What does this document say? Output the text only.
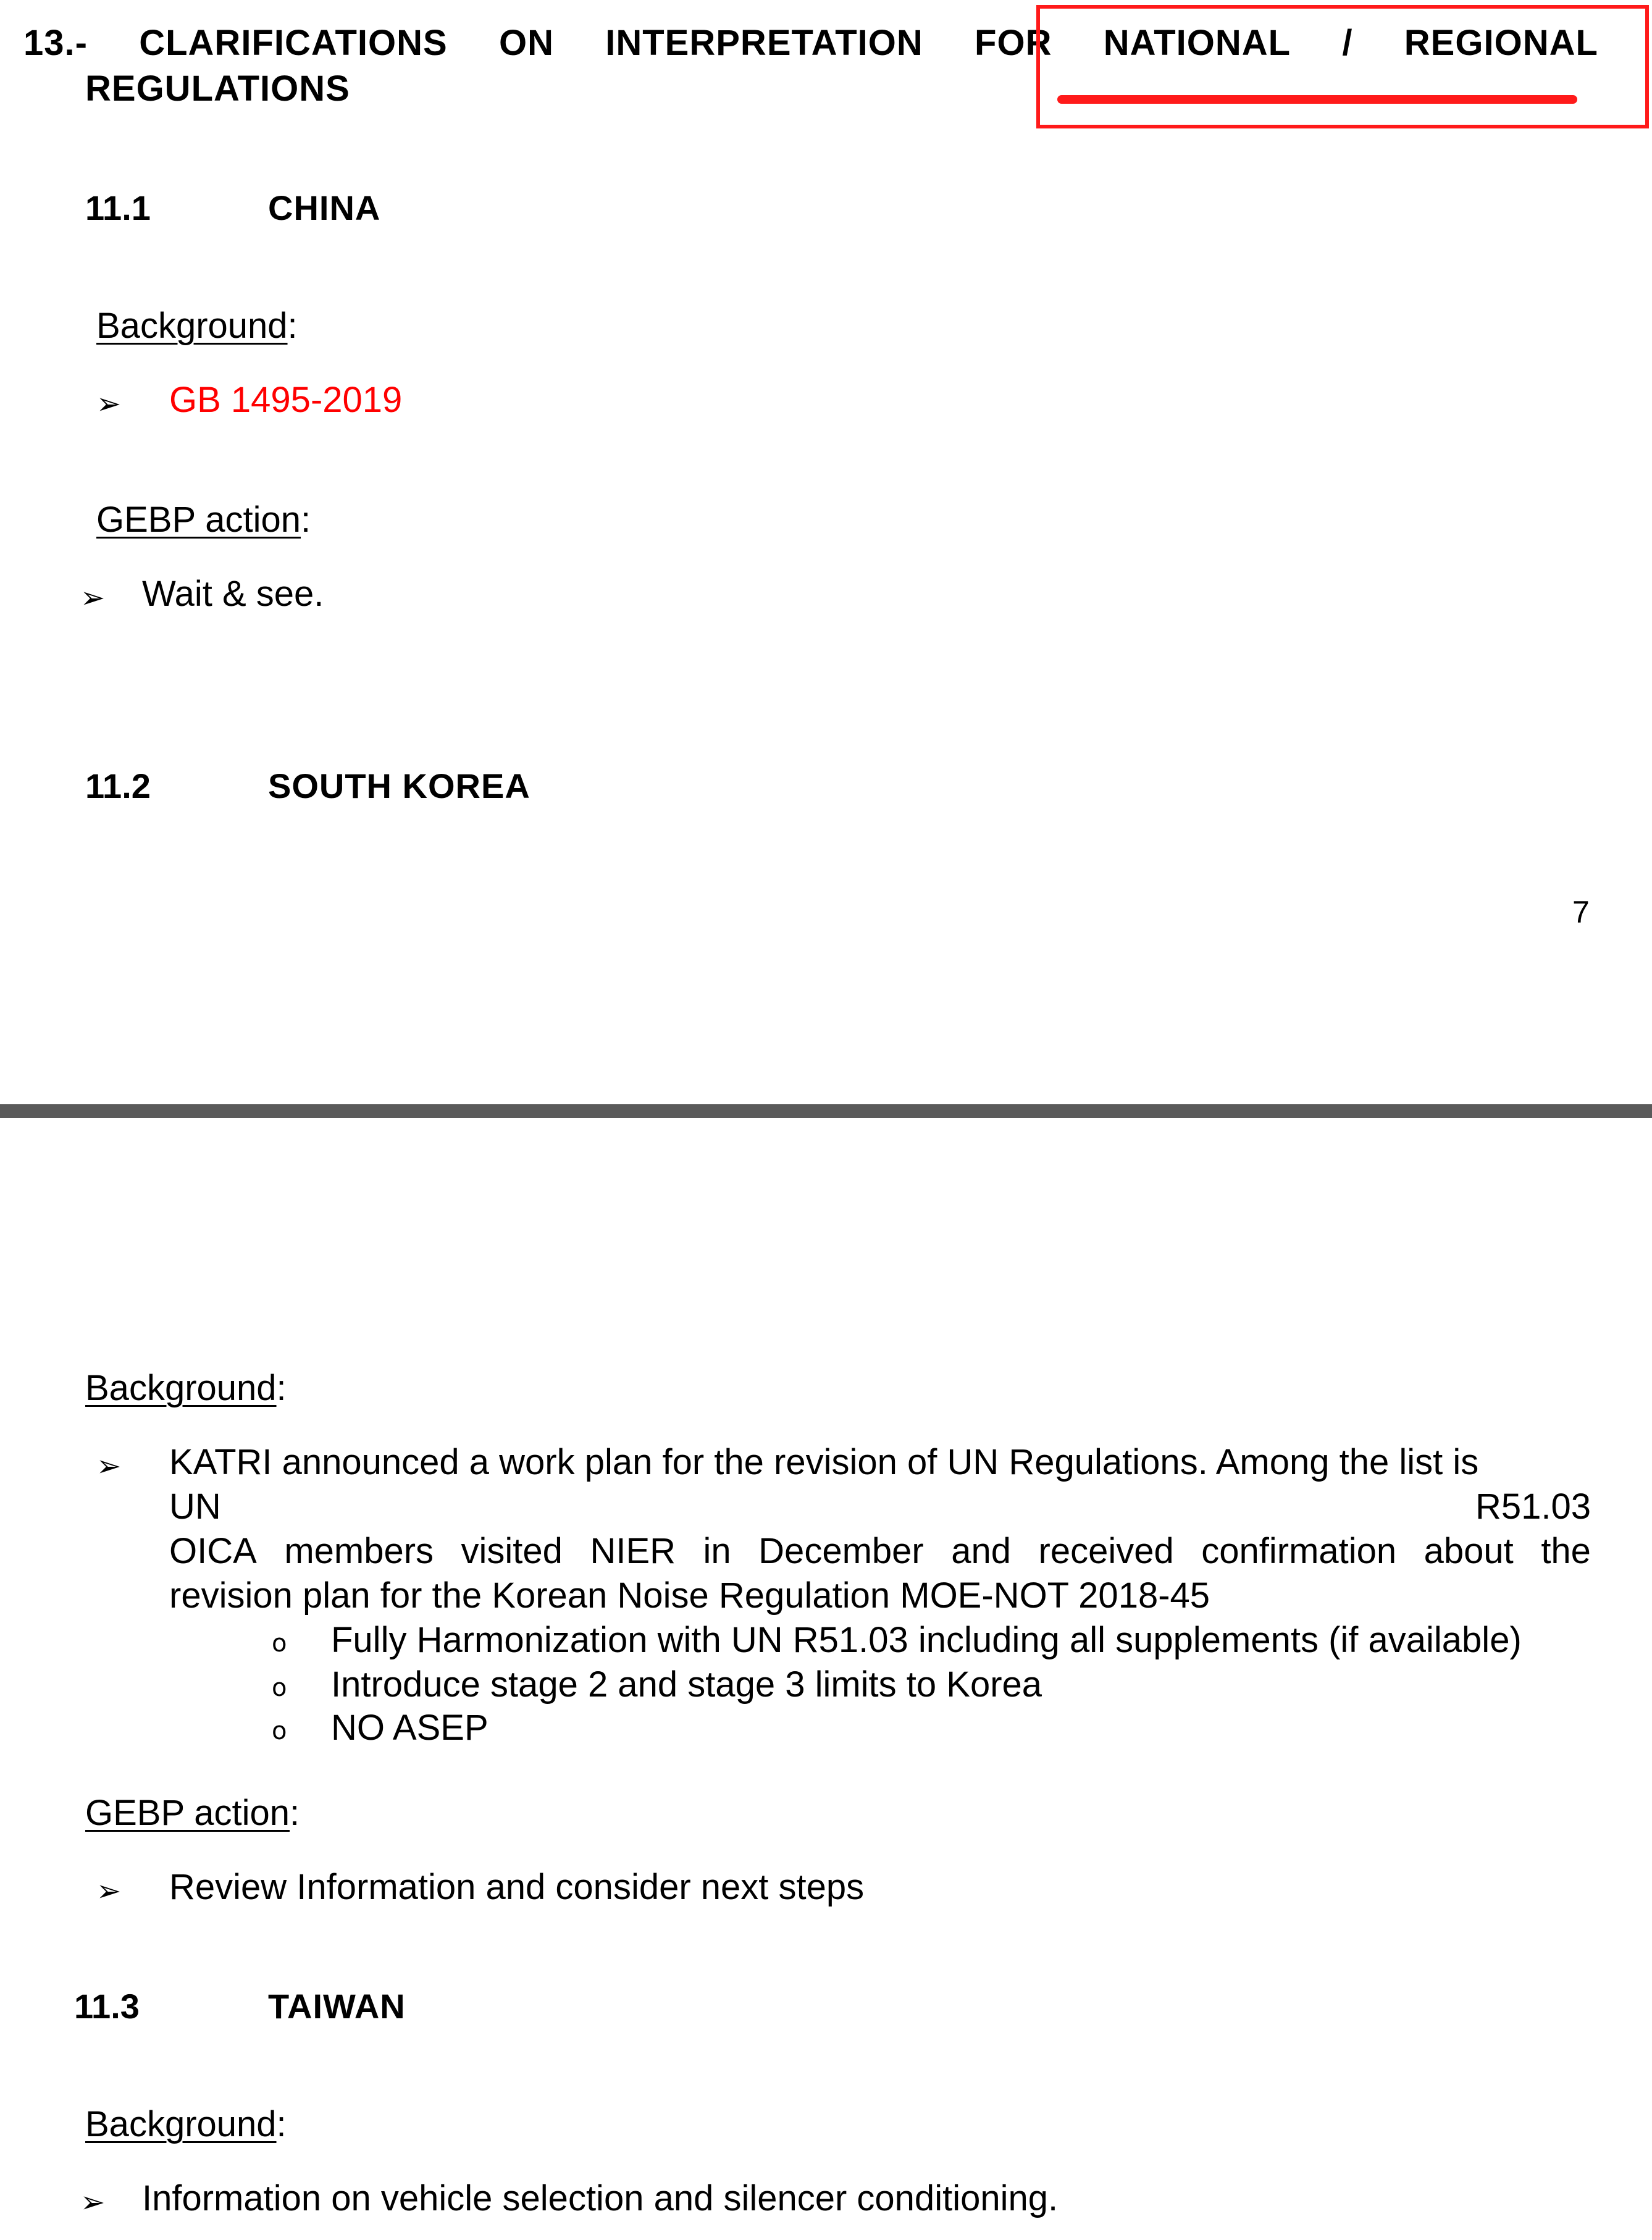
13.- CLARIFICATIONS ON INTERPRETATION FOR NATIONAL / REGIONAL
REGULATIONS
11.1	CHINA
Background:
➢ GB 1495-2019
GEBP action:
➢ Wait & see.
11.2	SOUTH KOREA
7
Background:
➢ KATRI announced a work plan for the revision of UN Regulations. Among the list is
UN	R51.03
OICA members visited NIER in December and received confirmation about the
revision plan for the Korean Noise Regulation MOE-NOT 2018-45
o Fully Harmonization with UN R51.03 including all supplements (if available)
o Introduce stage 2 and stage 3 limits to Korea
o NO ASEP
GEBP action:
➢ Review Information and consider next steps
11.3	TAIWAN
Background:
➢ Information on vehicle selection and silencer conditioning.
